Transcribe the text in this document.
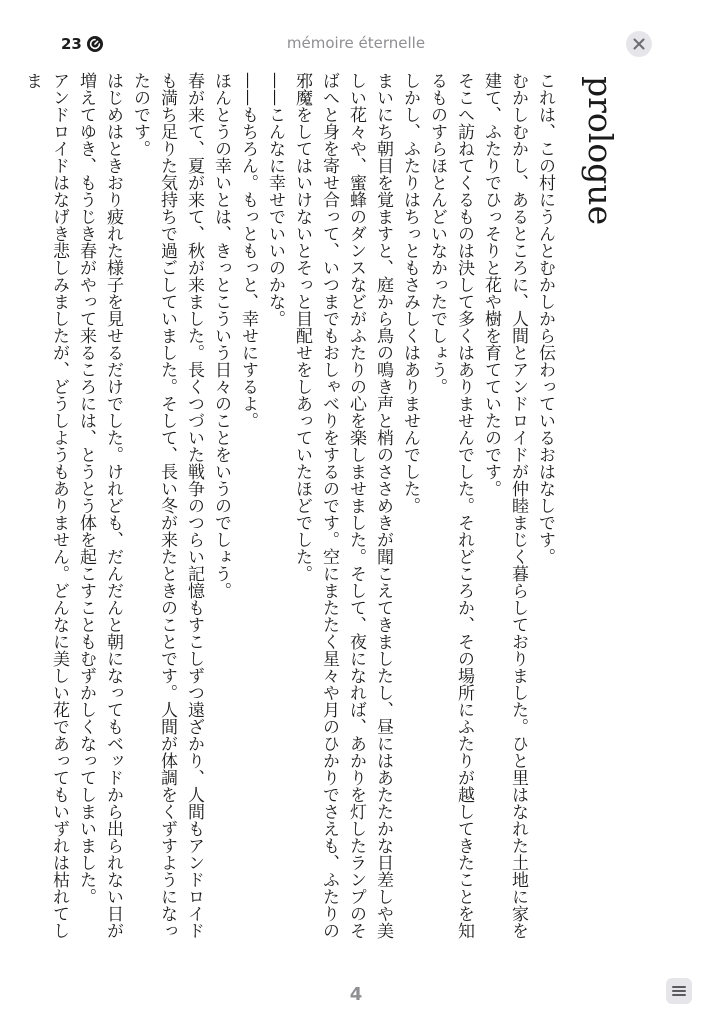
23	mémoire éternelle
prologue

これは、この村にうんとむかしから伝わっているおはなしです。

むかしむかし、あるところに、人間とアンドロイドが仲睦まじく暮らしておりました。ひと里はなれた土地に家を建て、ふたりでひっそりと花や樹を育てていたのです。

そこへ訪ねてくるものは決して多くはありませんでした。それどころか、その場所にふたりが越してきたことを知るものすらほとんどいなかったでしょう。

しかし、ふたりはちっともさみしくはありませんでした。

まいにち朝目を覚ますと、庭から鳥の鳴き声と梢のささめきが聞こえてきましたし、昼にはあたたかな日差しや美しい花々や、蜜蜂のダンスなどがふたりの心を楽しませました。そして、夜になれば、あかりを灯したランプのそばへと身を寄せ合って、いつまでもおしゃべりをするのです。空にまたたく星々や月のひかりでさえも、ふたりの邪魔をしてはいけないとそっと目配せをしあっていたほどでした。

——こんなに幸せでいいのかな。

——もちろん。もっともっと、幸せにするよ。

ほんとうの幸いとは、きっとこういう日々のことをいうのでしょう。

春が来て、夏が来て、秋が来ました。長くつづいた戦争のつらい記憶もすこしずつ遠ざかり、人間もアンドロイドも満ち足りた気持ちで過ごしていました。そして、長い冬が来たときのことです。人間が体調をくずすようになったのです。

はじめはときおり疲れた様子を見せるだけでした。けれども、だんだんと朝になってもベッドから出られない日が増えてゆき、もうじき春がやって来るころには、とうとう体を起こすこともむずかしくなってしまいました。

アンドロイドはなげき悲しみましたが、どうしようもありません。どんなに美しい花であってもいずれは枯れてしま

4
